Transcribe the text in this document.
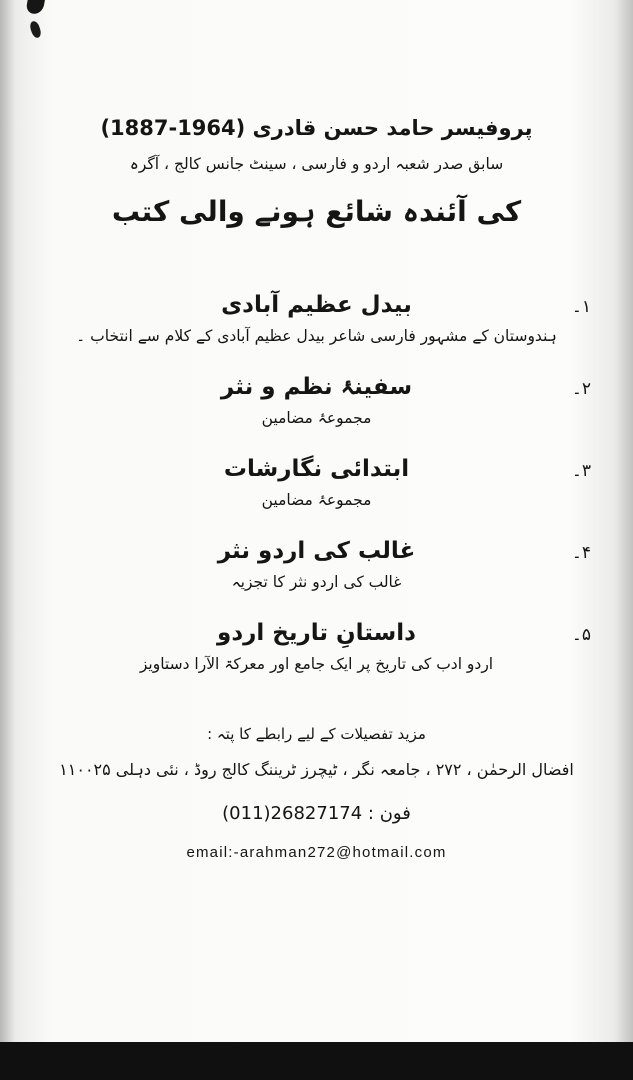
پروفیسر حامد حسن قادری ‎(1887-1964)‎

سابق صدر شعبہ اردو و فارسی ، سینٹ جانس کالج ، آگرہ

کی آئندہ شائع ہونے والی کتب
۱۔
بیدل عظیم آبادی

ہندوستان کے مشہور فارسی شاعر بیدل عظیم آبادی کے کلام سے انتخاب ۔

۲۔
سفینۂ نظم و نثر

مجموعۂ مضامین

۳۔
ابتدائی نگارشات

مجموعۂ مضامین

۴۔
غالب کی اردو نثر

غالب کی اردو نثر کا تجزیہ

۵۔
داستانِ تاریخ اردو

اردو ادب کی تاریخ پر ایک جامع اور معرکۃ الآرا دستاویز

مزید تفصیلات کے لیے رابطے کا پتہ :

افضال الرحمٰن ، ۲۷۲ ، جامعہ نگر ، ٹیچرز ٹریننگ کالج روڈ ، نئی دہلی ۱۱۰۰۲۵

فون : ‎(011)26827174

email:-arahman272@hotmail.com
